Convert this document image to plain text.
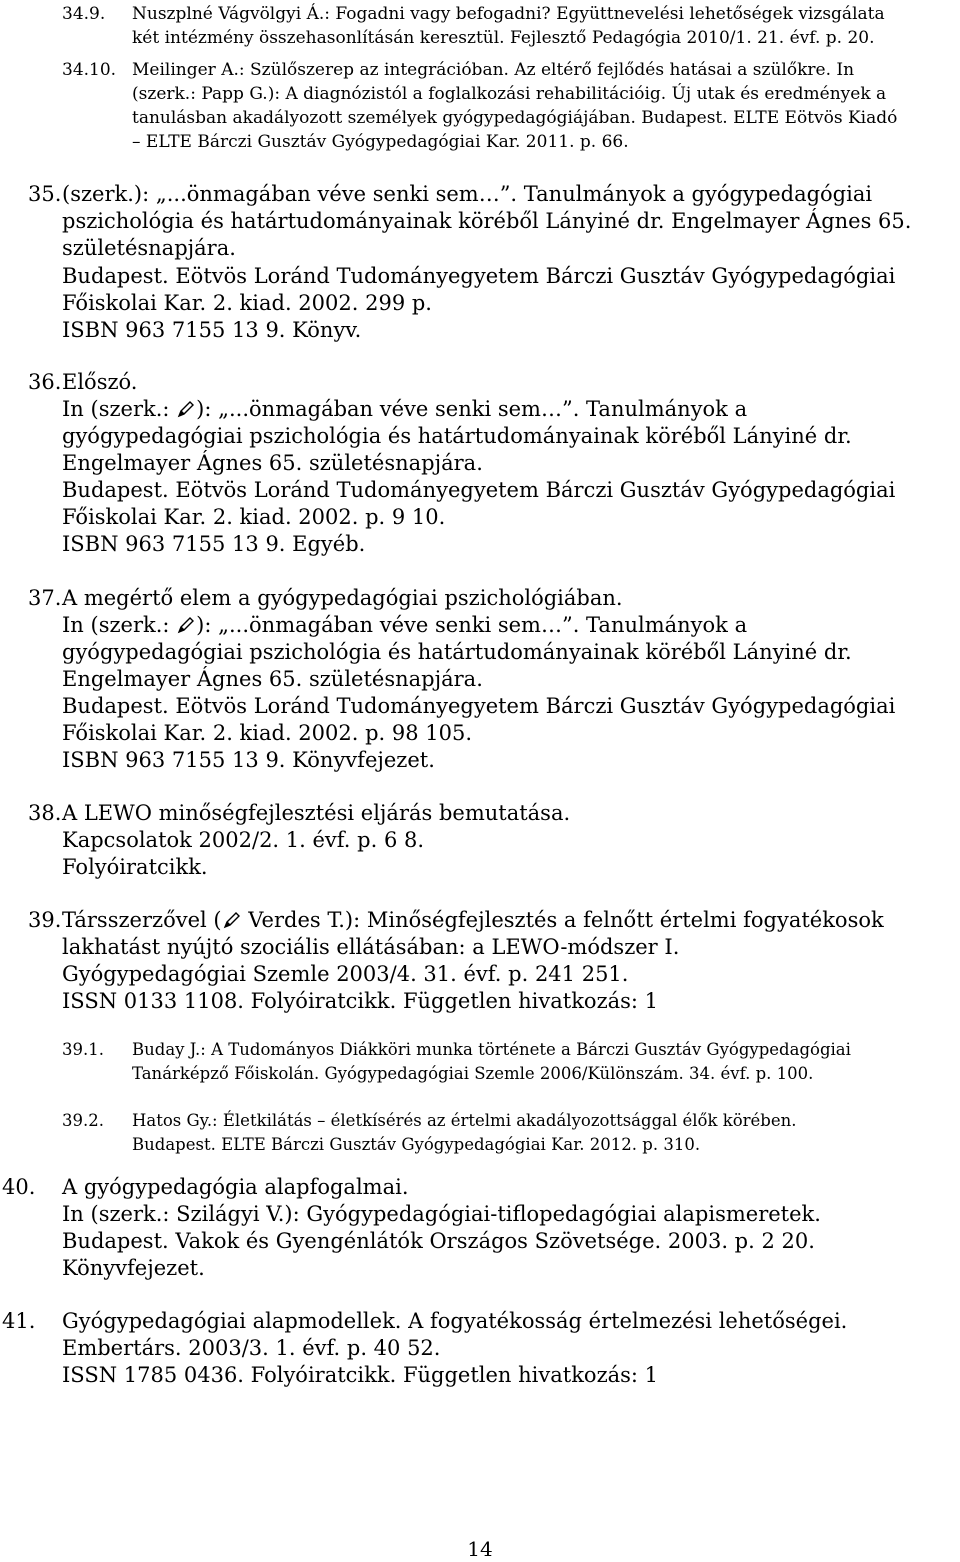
34.9. Nuszplné Vágvölgyi Á.: Fogadni vagy befogadni? Együttnevelési lehetőségek vizsgálata
két intézmény összehasonlításán keresztül. Fejlesztő Pedagógia 2010/1. 21. évf. p. 20.
34.10. Meilinger A.: Szülőszerep az integrációban. Az eltérő fejlődés hatásai a szülőkre. In
(szerk.: Papp G.): A diagnózistól a foglalkozási rehabilitációig. Új utak és eredmények a
tanulásban akadályozott személyek gyógypedagógiájában. Budapest. ELTE Eötvös Kiadó
– ELTE Bárczi Gusztáv Gyógypedagógiai Kar. 2011. p. 66.
35. (szerk.): „...önmagában véve senki sem…”. Tanulmányok a gyógypedagógiai
pszichológia és határtudományainak köréből Lányiné dr. Engelmayer Ágnes 65.
születésnapjára.
Budapest. Eötvös Loránd Tudományegyetem Bárczi Gusztáv Gyógypedagógiai
Főiskolai Kar. 2. kiad. 2002. 299 p.
ISBN 963 7155 13 9. Könyv.
36. Előszó.
In (szerk.: ): „...önmagában véve senki sem…”. Tanulmányok a
gyógypedagógiai pszichológia és határtudományainak köréből Lányiné dr.
Engelmayer Ágnes 65. születésnapjára.
Budapest. Eötvös Loránd Tudományegyetem Bárczi Gusztáv Gyógypedagógiai
Főiskolai Kar. 2. kiad. 2002. p. 9 10.
ISBN 963 7155 13 9. Egyéb.
37. A megértő elem a gyógypedagógiai pszichológiában.
In (szerk.: ): „...önmagában véve senki sem…”. Tanulmányok a
gyógypedagógiai pszichológia és határtudományainak köréből Lányiné dr.
Engelmayer Ágnes 65. születésnapjára.
Budapest. Eötvös Loránd Tudományegyetem Bárczi Gusztáv Gyógypedagógiai
Főiskolai Kar. 2. kiad. 2002. p. 98 105.
ISBN 963 7155 13 9. Könyvfejezet.
38. A LEWO minőségfejlesztési eljárás bemutatása.
Kapcsolatok 2002/2. 1. évf. p. 6 8.
Folyóiratcikk.
39. Társszerzővel ( Verdes T.): Minőségfejlesztés a felnőtt értelmi fogyatékosok
lakhatást nyújtó szociális ellátásában: a LEWO-módszer I.
Gyógypedagógiai Szemle 2003/4. 31. évf. p. 241 251.
ISSN 0133 1108. Folyóiratcikk. Független hivatkozás: 1
39.1. Buday J.: A Tudományos Diákköri munka története a Bárczi Gusztáv Gyógypedagógiai
Tanárképző Főiskolán. Gyógypedagógiai Szemle 2006/Különszám. 34. évf. p. 100.
39.2. Hatos Gy.: Életkilátás – életkísérés az értelmi akadályozottsággal élők körében.
Budapest. ELTE Bárczi Gusztáv Gyógypedagógiai Kar. 2012. p. 310.
40. A gyógypedagógia alapfogalmai.
In (szerk.: Szilágyi V.): Gyógypedagógiai-tiflopedagógiai alapismeretek.
Budapest. Vakok és Gyengénlátók Országos Szövetsége. 2003. p. 2 20.
Könyvfejezet.
41. Gyógypedagógiai alapmodellek. A fogyatékosság értelmezési lehetőségei.
Embertárs. 2003/3. 1. évf. p. 40 52.
ISSN 1785 0436. Folyóiratcikk. Független hivatkozás: 1
14
